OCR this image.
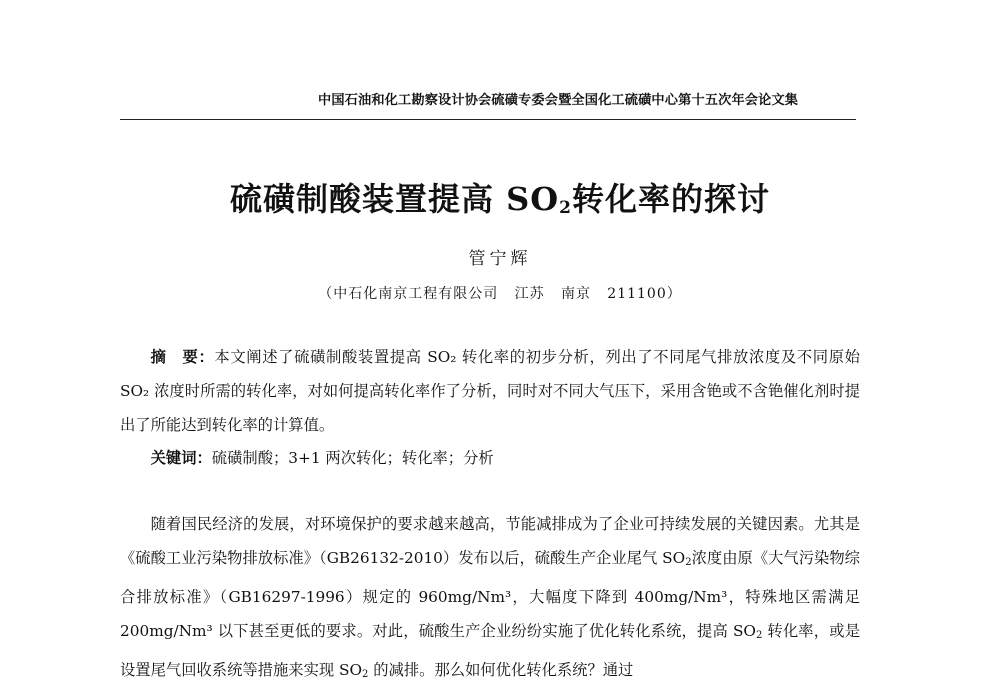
中国石油和化工勘察设计协会硫磺专委会暨全国化工硫磺中心第十五次年会论文集
硫磺制酸装置提高 $SO_2$转化率的探讨
管宁辉
（中石化南京工程有限公司   江苏   南京   211100）
摘　要：本文阐述了硫磺制酸装置提高 SO₂ 转化率的初步分析，列出了不同尾气排放浓度及不同原始 SO₂ 浓度时所需的转化率，对如何提高转化率作了分析，同时对不同大气压下，采用含铯或不含铯催化剂时提出了所能达到转化率的计算值。
关键词：硫磺制酸；3+1 两次转化；转化率；分析
随着国民经济的发展，对环境保护的要求越来越高，节能减排成为了企业可持续发展的关键因素。尤其是《硫酸工业污染物排放标准》（GB26132-2010）发布以后，硫酸生产企业尾气 $SO_2$浓度由原《大气污染物综合排放标准》（GB16297-1996）规定的 960mg/Nm³，大幅度下降到 400mg/Nm³，特殊地区需满足 200mg/Nm³ 以下甚至更低的要求。对此，硫酸生产企业纷纷实施了优化转化系统，提高 $SO_2$ 转化率，或是设置尾气回收系统等措施来实现 $SO_2$ 的减排。那么如何优化转化系统？通过
